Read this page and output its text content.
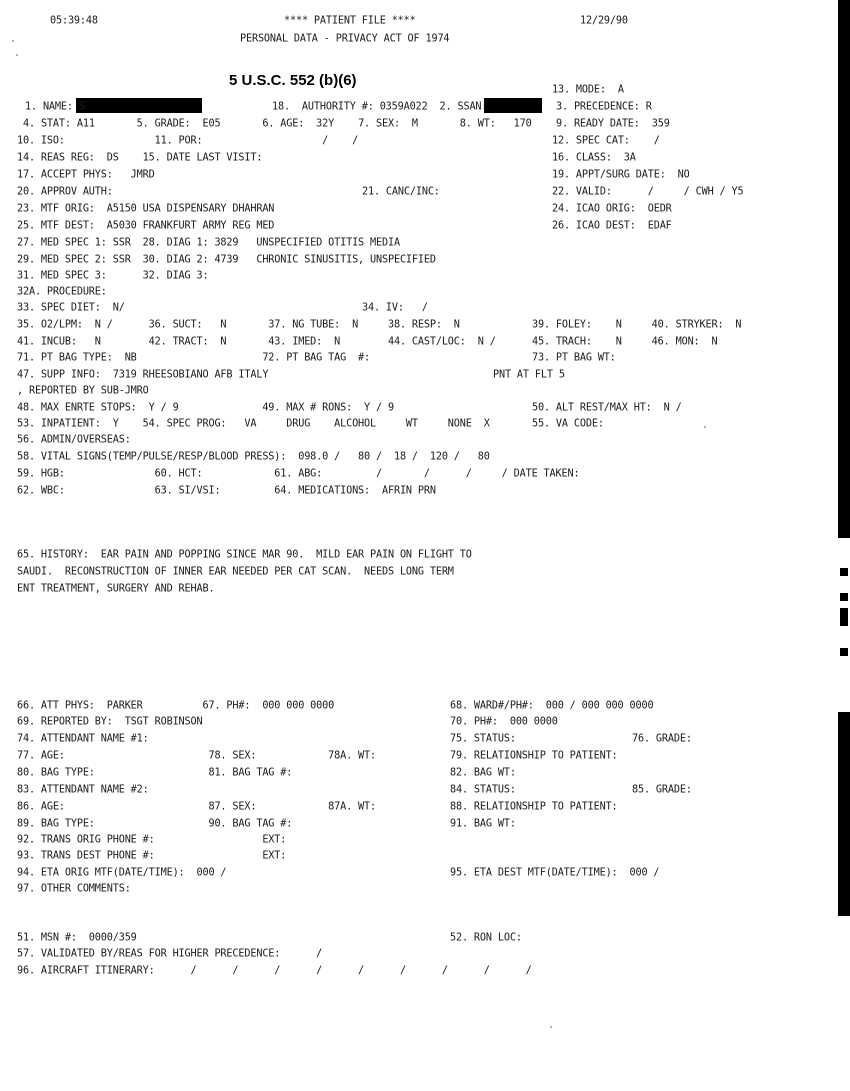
05:39:48	**** PATIENT FILE ****
PERSONAL DATA - PRIVACY ACT OF 1974
12/29/90
5 U.S.C. 552 (b)(6)
13. MODE:  A
1. NAME: S	18.  AUTHORITY #: 0359A022  2. SSAN:	3. PRECEDENCE: R
4. STAT: A11       5. GRADE:  E05       6. AGE:  32Y    7. SEX:  M       8. WT:   170 9. READY DATE:  359
10. ISO:               11. POR:                    /    /	12. SPEC CAT:    /
14. REAS REG:  DS    15. DATE LAST VISIT:	16. CLASS:  3A
17. ACCEPT PHYS:   JMRD	19. APPT/SURG DATE:  NO
20. APPROV AUTH:	21. CANC/INC:	22. VALID:      /     / CWH / Y5
23. MTF ORIG:  A5150 USA DISPENSARY DHAHRAN	24. ICAO ORIG:  OEDR
25. MTF DEST:  A5030 FRANKFURT ARMY REG MED	26. ICAO DEST:  EDAF
27. MED SPEC 1: SSR  28. DIAG 1: 3829   UNSPECIFIED OTITIS MEDIA
29. MED SPEC 2: SSR  30. DIAG 2: 4739   CHRONIC SINUSITIS, UNSPECIFIED
31. MED SPEC 3:      32. DIAG 3:
32A. PROCEDURE:
33. SPEC DIET:  N/	34. IV:   /
35. O2/LPM:  N /      36. SUCT:   N       37. NG TUBE:  N     38. RESP:  N	39. FOLEY:    N     40. STRYKER:  N
41. INCUB:   N        42. TRACT:  N       43. IMED:  N        44. CAST/LOC:  N /	45. TRACH:    N     46. MON:  N
71. PT BAG TYPE:  NB                     72. PT BAG TAG  #:	73. PT BAG WT:
47. SUPP INFO:  7319 RHEESOBIANO AFB ITALY	PNT AT FLT 5
, REPORTED BY SUB-JMRO
48. MAX ENRTE STOPS:  Y / 9              49. MAX # RONS:  Y / 9	50. ALT REST/MAX HT:  N /
53. INPATIENT:  Y    54. SPEC PROG:   VA     DRUG    ALCOHOL     WT     NONE  X	55. VA CODE:
56. ADMIN/OVERSEAS:
58. VITAL SIGNS(TEMP/PULSE/RESP/BLOOD PRESS):  098.0 /   80 /  18 /  120 /   80
59. HGB:               60. HCT:            61. ABG:         /       /      /     / DATE TAKEN:
62. WBC:               63. SI/VSI:         64. MEDICATIONS:  AFRIN PRN
65. HISTORY:  EAR PAIN AND POPPING SINCE MAR 90.  MILD EAR PAIN ON FLIGHT TO
SAUDI.  RECONSTRUCTION OF INNER EAR NEEDED PER CAT SCAN.  NEEDS LONG TERM
ENT TREATMENT, SURGERY AND REHAB.
66. ATT PHYS:  PARKER          67. PH#:  000 000 0000	68. WARD#/PH#:  000 / 000 000 0000
69. REPORTED BY:  TSGT ROBINSON	70. PH#:  000 0000
74. ATTENDANT NAME #1:	75. STATUS:	76. GRADE:
77. AGE:                        78. SEX:            78A. WT:	79. RELATIONSHIP TO PATIENT:
80. BAG TYPE:                   81. BAG TAG #:	82. BAG WT:
83. ATTENDANT NAME #2:	84. STATUS:	85. GRADE:
86. AGE:                        87. SEX:            87A. WT:	88. RELATIONSHIP TO PATIENT:
89. BAG TYPE:                   90. BAG TAG #:	91. BAG WT:
92. TRANS ORIG PHONE #:                  EXT:
93. TRANS DEST PHONE #:                  EXT:
94. ETA ORIG MTF(DATE/TIME):  000 /	95. ETA DEST MTF(DATE/TIME):  000 /
97. OTHER COMMENTS:
51. MSN #:  0000/359	52. RON LOC:
57. VALIDATED BY/REAS FOR HIGHER PRECEDENCE:      /
96. AIRCRAFT ITINERARY:      /      /      /      /      /      /      /      /      /
